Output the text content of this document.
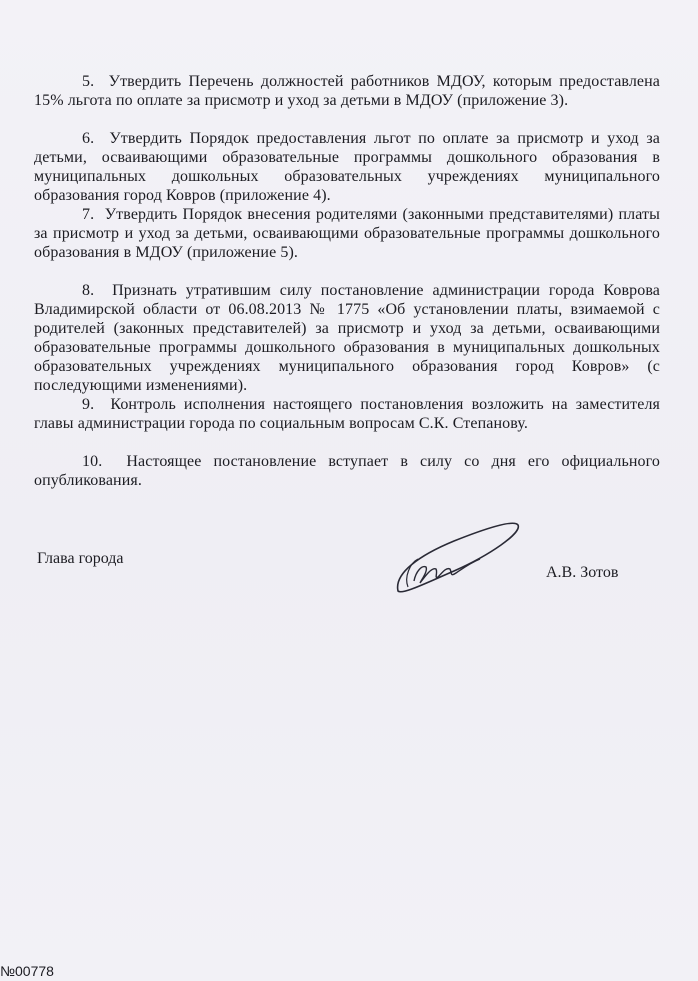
5.  Утвердить Перечень должностей работников МДОУ, которым предоставлена 15% льгота по оплате за присмотр и уход за детьми в МДОУ (приложение 3).
6.  Утвердить Порядок предоставления льгот по оплате за присмотр и уход за детьми, осваивающими образовательные программы дошкольного образования в муниципальных дошкольных образовательных учреждениях муниципального образования город Ковров (приложение 4).
7.  Утвердить Порядок внесения родителями (законными представителями) платы за присмотр и уход за детьми, осваивающими образовательные программы дошкольного образования в МДОУ (приложение 5).
8.  Признать утратившим силу постановление администрации города Коврова Владимирской области от 06.08.2013 № 1775 «Об установлении платы, взимаемой с родителей (законных представителей) за присмотр и уход за детьми, осваивающими образовательные программы дошкольного образования в муниципальных дошкольных образовательных учреждениях муниципального образования город Ковров» (с последующими изменениями).
9.  Контроль исполнения настоящего постановления возложить на заместителя главы администрации города по социальным вопросам С.К. Степанову.
10.  Настоящее постановление вступает в силу со дня его официального опубликования.
Глава города
А.В. Зотов
№00778
